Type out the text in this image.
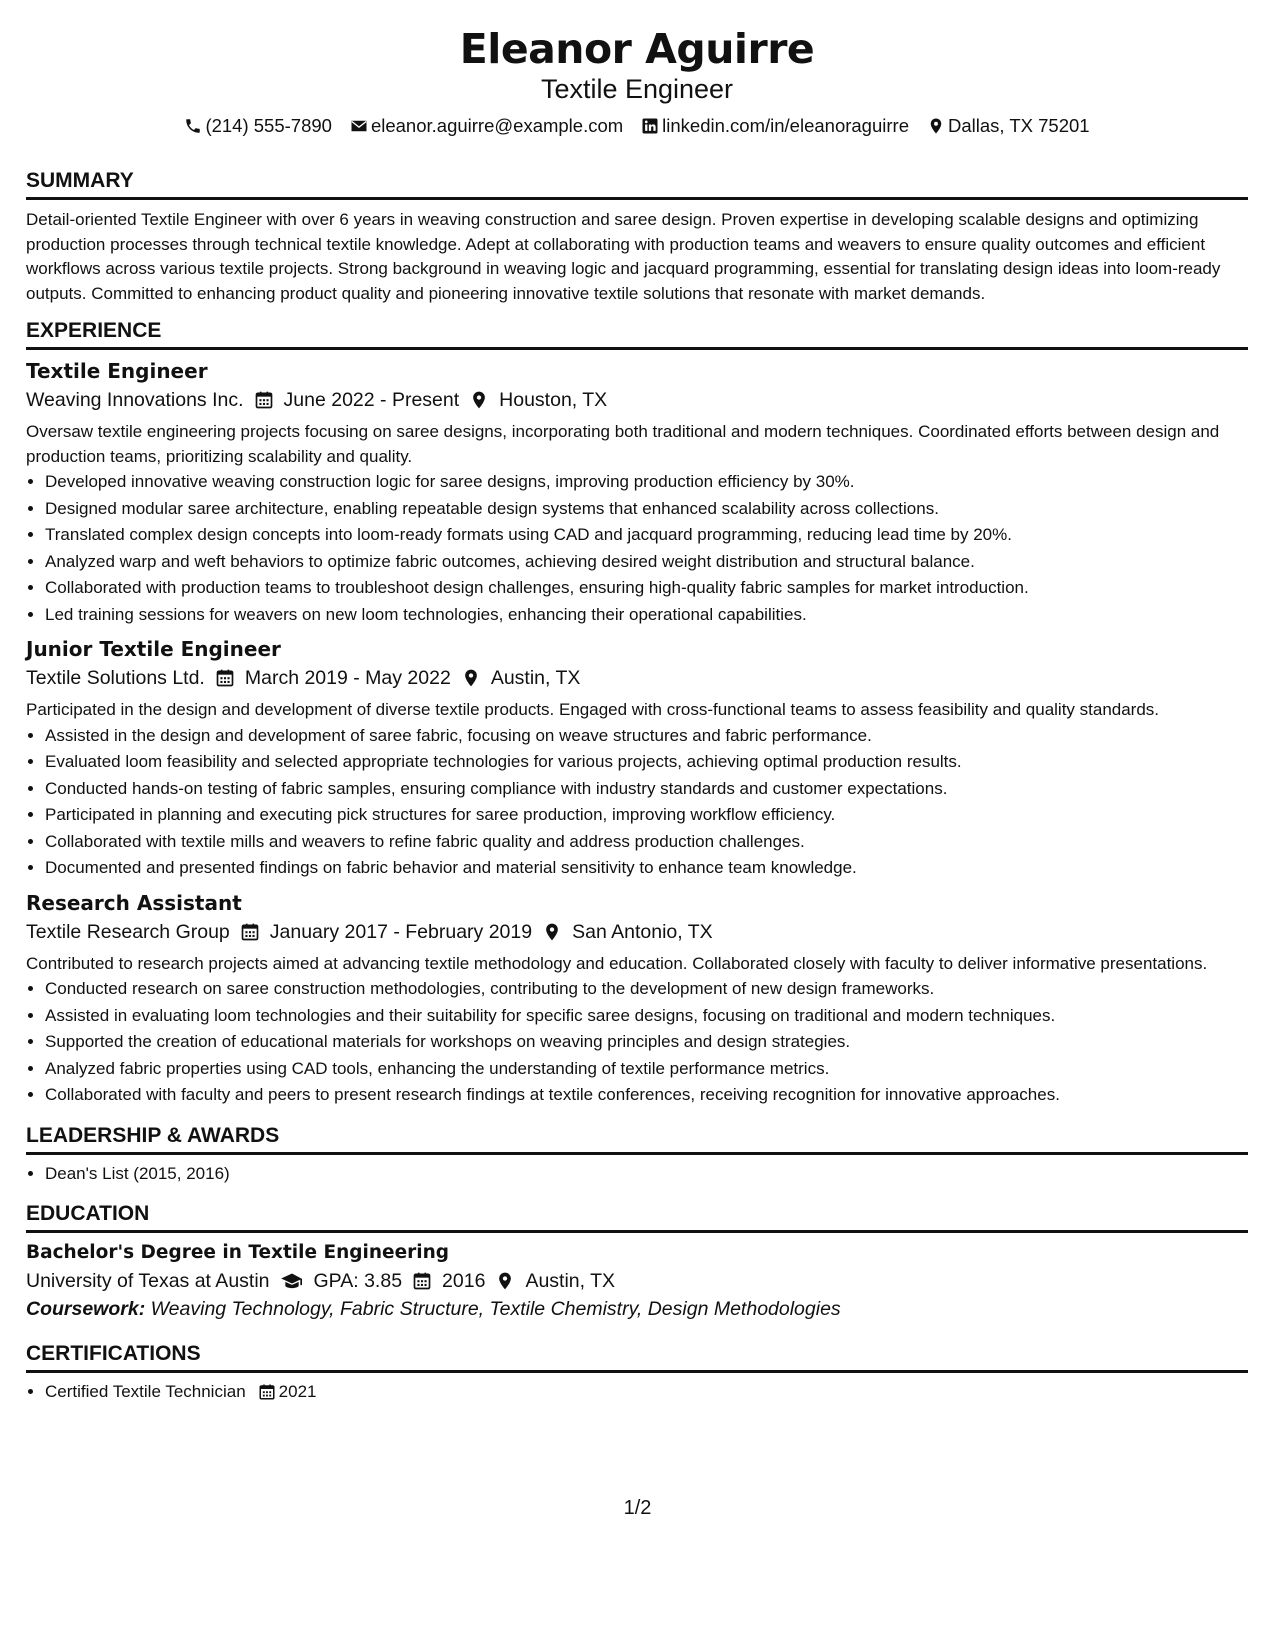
Eleanor Aguirre
Textile Engineer
(214) 555-7890 eleanor.aguirre@example.com linkedin.com/in/eleanoraguirre Dallas, TX 75201
SUMMARY
Detail-oriented Textile Engineer with over 6 years in weaving construction and saree design. Proven expertise in developing scalable designs and optimizing production processes through technical textile knowledge. Adept at collaborating with production teams and weavers to ensure quality outcomes and efficient workflows across various textile projects. Strong background in weaving logic and jacquard programming, essential for translating design ideas into loom-ready outputs. Committed to enhancing product quality and pioneering innovative textile solutions that resonate with market demands.
EXPERIENCE
Textile Engineer
Weaving Innovations Inc. June 2022 - Present Houston, TX
Oversaw textile engineering projects focusing on saree designs, incorporating both traditional and modern techniques. Coordinated efforts between design and production teams, prioritizing scalability and quality.
• Developed innovative weaving construction logic for saree designs, improving production efficiency by 30%.
• Designed modular saree architecture, enabling repeatable design systems that enhanced scalability across collections.
• Translated complex design concepts into loom-ready formats using CAD and jacquard programming, reducing lead time by 20%.
• Analyzed warp and weft behaviors to optimize fabric outcomes, achieving desired weight distribution and structural balance.
• Collaborated with production teams to troubleshoot design challenges, ensuring high-quality fabric samples for market introduction.
• Led training sessions for weavers on new loom technologies, enhancing their operational capabilities.
Junior Textile Engineer
Textile Solutions Ltd. March 2019 - May 2022 Austin, TX
Participated in the design and development of diverse textile products. Engaged with cross-functional teams to assess feasibility and quality standards.
• Assisted in the design and development of saree fabric, focusing on weave structures and fabric performance.
• Evaluated loom feasibility and selected appropriate technologies for various projects, achieving optimal production results.
• Conducted hands-on testing of fabric samples, ensuring compliance with industry standards and customer expectations.
• Participated in planning and executing pick structures for saree production, improving workflow efficiency.
• Collaborated with textile mills and weavers to refine fabric quality and address production challenges.
• Documented and presented findings on fabric behavior and material sensitivity to enhance team knowledge.
Research Assistant
Textile Research Group January 2017 - February 2019 San Antonio, TX
Contributed to research projects aimed at advancing textile methodology and education. Collaborated closely with faculty to deliver informative presentations.
• Conducted research on saree construction methodologies, contributing to the development of new design frameworks.
• Assisted in evaluating loom technologies and their suitability for specific saree designs, focusing on traditional and modern techniques.
• Supported the creation of educational materials for workshops on weaving principles and design strategies.
• Analyzed fabric properties using CAD tools, enhancing the understanding of textile performance metrics.
• Collaborated with faculty and peers to present research findings at textile conferences, receiving recognition for innovative approaches.
LEADERSHIP & AWARDS
• Dean's List (2015, 2016)
EDUCATION
Bachelor's Degree in Textile Engineering
University of Texas at Austin GPA: 3.85 2016 Austin, TX
Coursework: Weaving Technology, Fabric Structure, Textile Chemistry, Design Methodologies
CERTIFICATIONS
• Certified Textile Technician 2021
1/2
